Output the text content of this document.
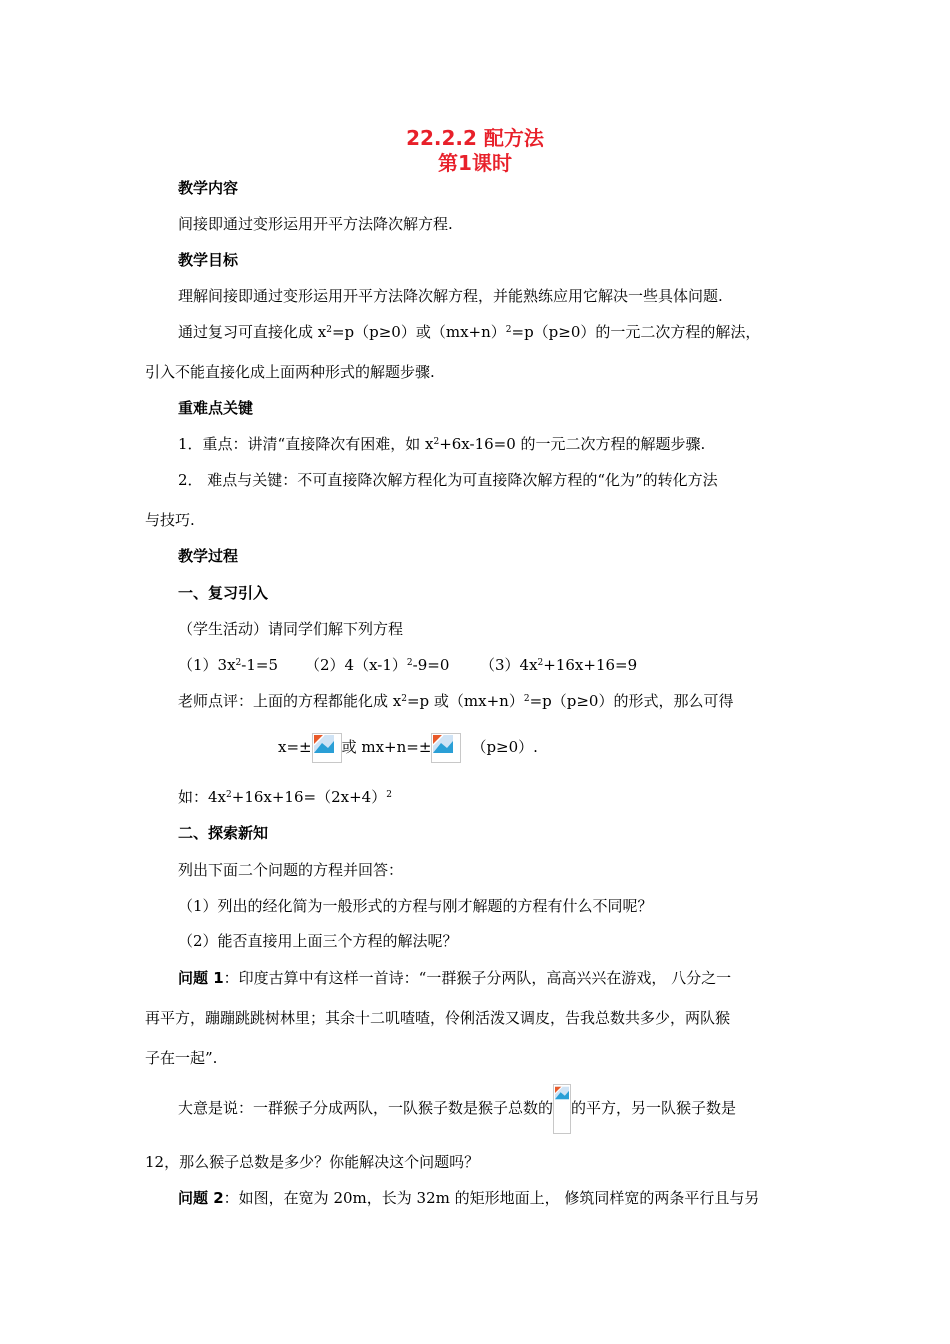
22.2.2 配方法
第1课时
教学内容
间接即通过变形运用开平方法降次解方程.
教学目标
理解间接即通过变形运用开平方法降次解方程，并能熟练应用它解决一些具体问题.
通过复习可直接化成 $x^2=p(p\ge 0)$或$(mx+n)^2=p(p\ge 0)$的一元二次方程的解法，
引入不能直接化成上面两种形式的解题步骤.
重难点关键
1．重点：讲清“直接降次有困难，如 $x^2+6x-16=0$ 的一元二次方程的解题步骤.
2． 难点与关键：不可直接降次解方程化为可直接降次解方程的“化为”的转化方法
与技巧.
教学过程
一、复习引入
（学生活动）请同学们解下列方程
$(1)3x^2-1=5$ $(2)4(x-1)^2-9=0$ $(3)4x^2+16x+16=9$
老师点评：上面的方程都能化成 $x^2=p$ 或$(mx+n)^2=p(p\ge 0)$的形式，那么可得
x=± 或 mx+n=±	（p≥0）.
如：$4x^2+16x+16=(2x+4)^2$
二、探索新知
列出下面二个问题的方程并回答：
（1）列出的经化简为一般形式的方程与刚才解题的方程有什么不同呢？
（2）能否直接用上面三个方程的解法呢？
问题 1：印度古算中有这样一首诗：“一群猴子分两队，高高兴兴在游戏， 八分之一
再平方，蹦蹦跳跳树林里；其余十二叽喳喳，伶俐活泼又调皮，告我总数共多少，两队猴
子在一起”.
大意是说：一群猴子分成两队，一队猴子数是猴子总数的 的平方，另一队猴子数是
12，那么猴子总数是多少？你能解决这个问题吗？
问题 2：如图，在宽为 20m，长为 32m 的矩形地面上， 修筑同样宽的两条平行且与另
